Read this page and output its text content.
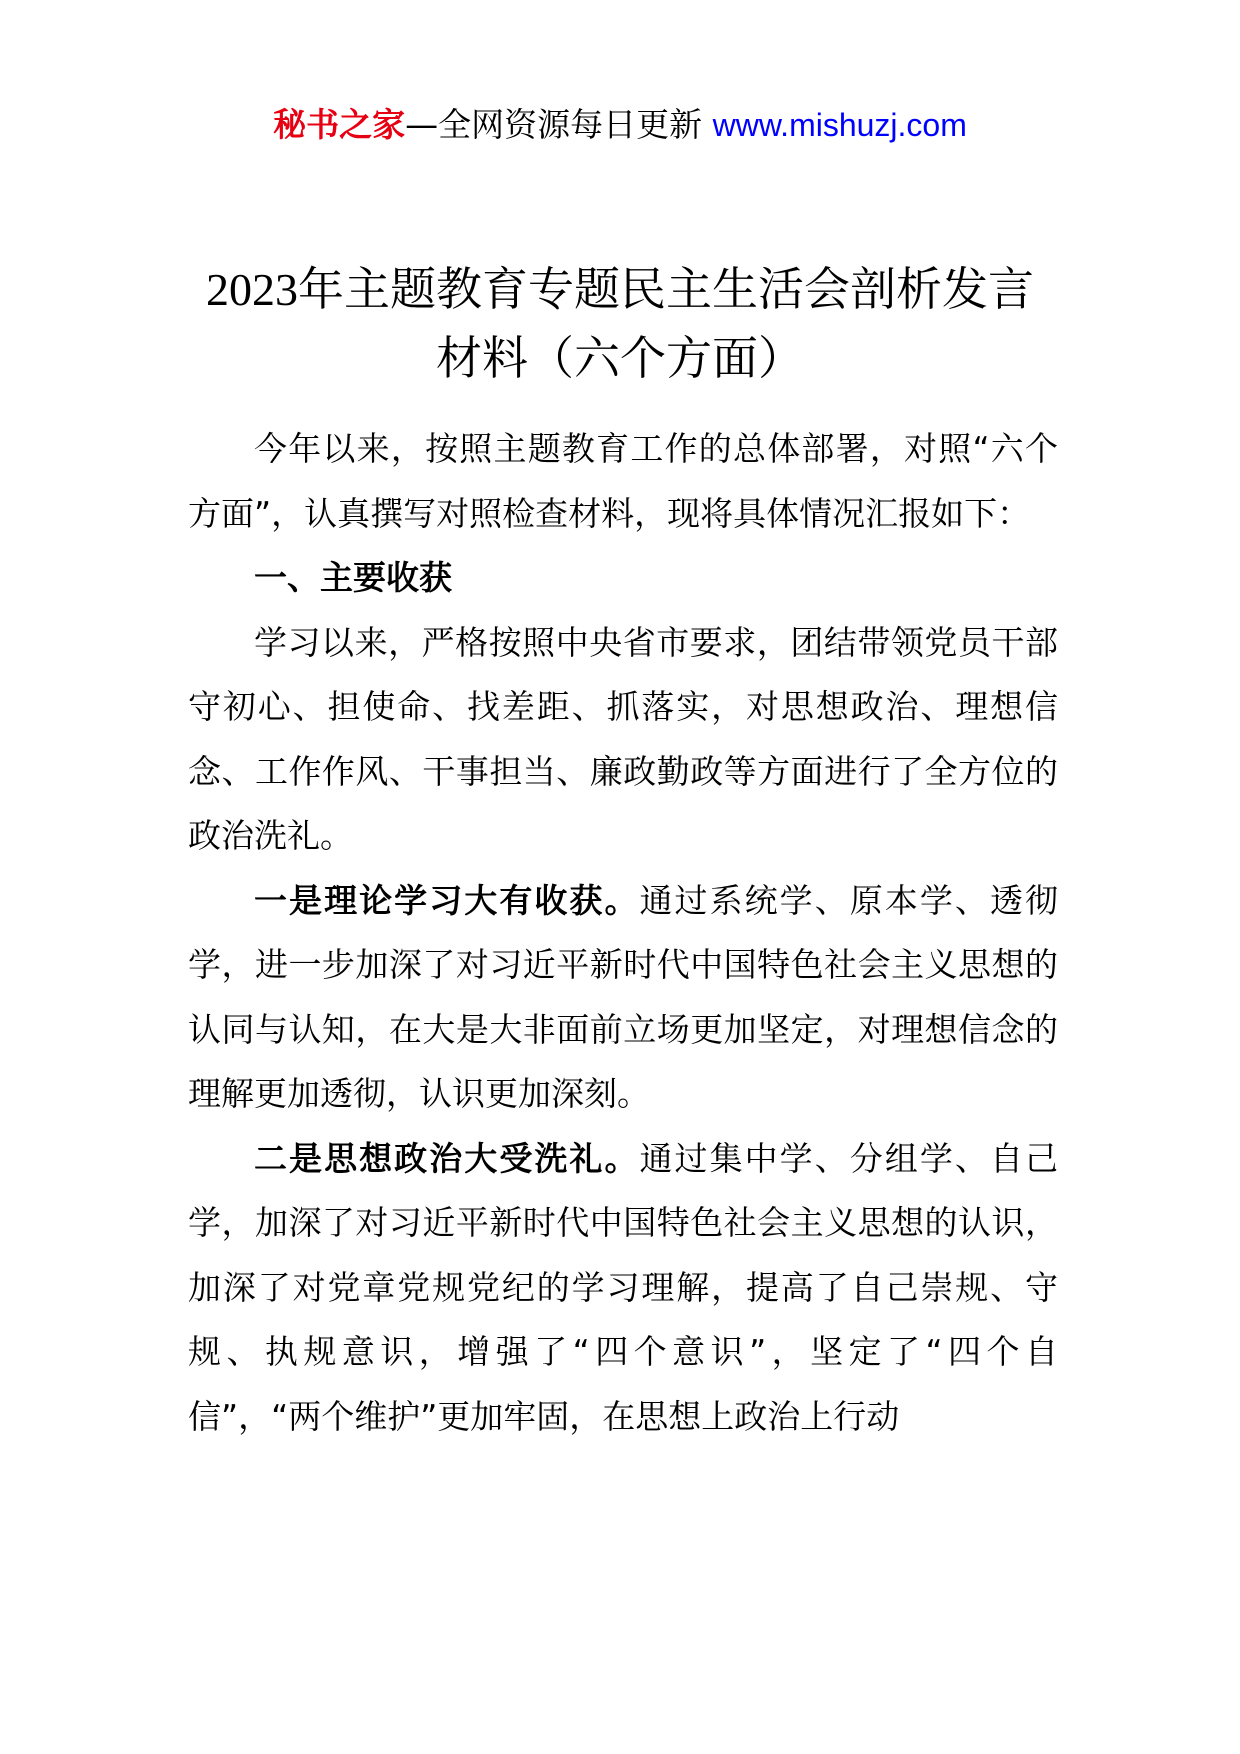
秘书之家—全网资源每日更新 www.mishuzj.com
2023年主题教育专题民主生活会剖析发言
材料（六个方面）

今年以来，按照主题教育工作的总体部署，对照“六个方面”，认真撰写对照检查材料，现将具体情况汇报如下：

一、主要收获

学习以来，严格按照中央省市要求，团结带领党员干部守初心、担使命、找差距、抓落实，对思想政治、理想信念、工作作风、干事担当、廉政勤政等方面进行了全方位的政治洗礼。

一是理论学习大有收获。通过系统学、原本学、透彻学，进一步加深了对习近平新时代中国特色社会主义思想的认同与认知，在大是大非面前立场更加坚定，对理想信念的理解更加透彻，认识更加深刻。

二是思想政治大受洗礼。通过集中学、分组学、自己学，加深了对习近平新时代中国特色社会主义思想的认识，加深了对党章党规党纪的学习理解，提高了自己崇规、守规、执规意识，增强了“四个意识”，坚定了“四个自信”，“两个维护”更加牢固，在思想上政治上行动
